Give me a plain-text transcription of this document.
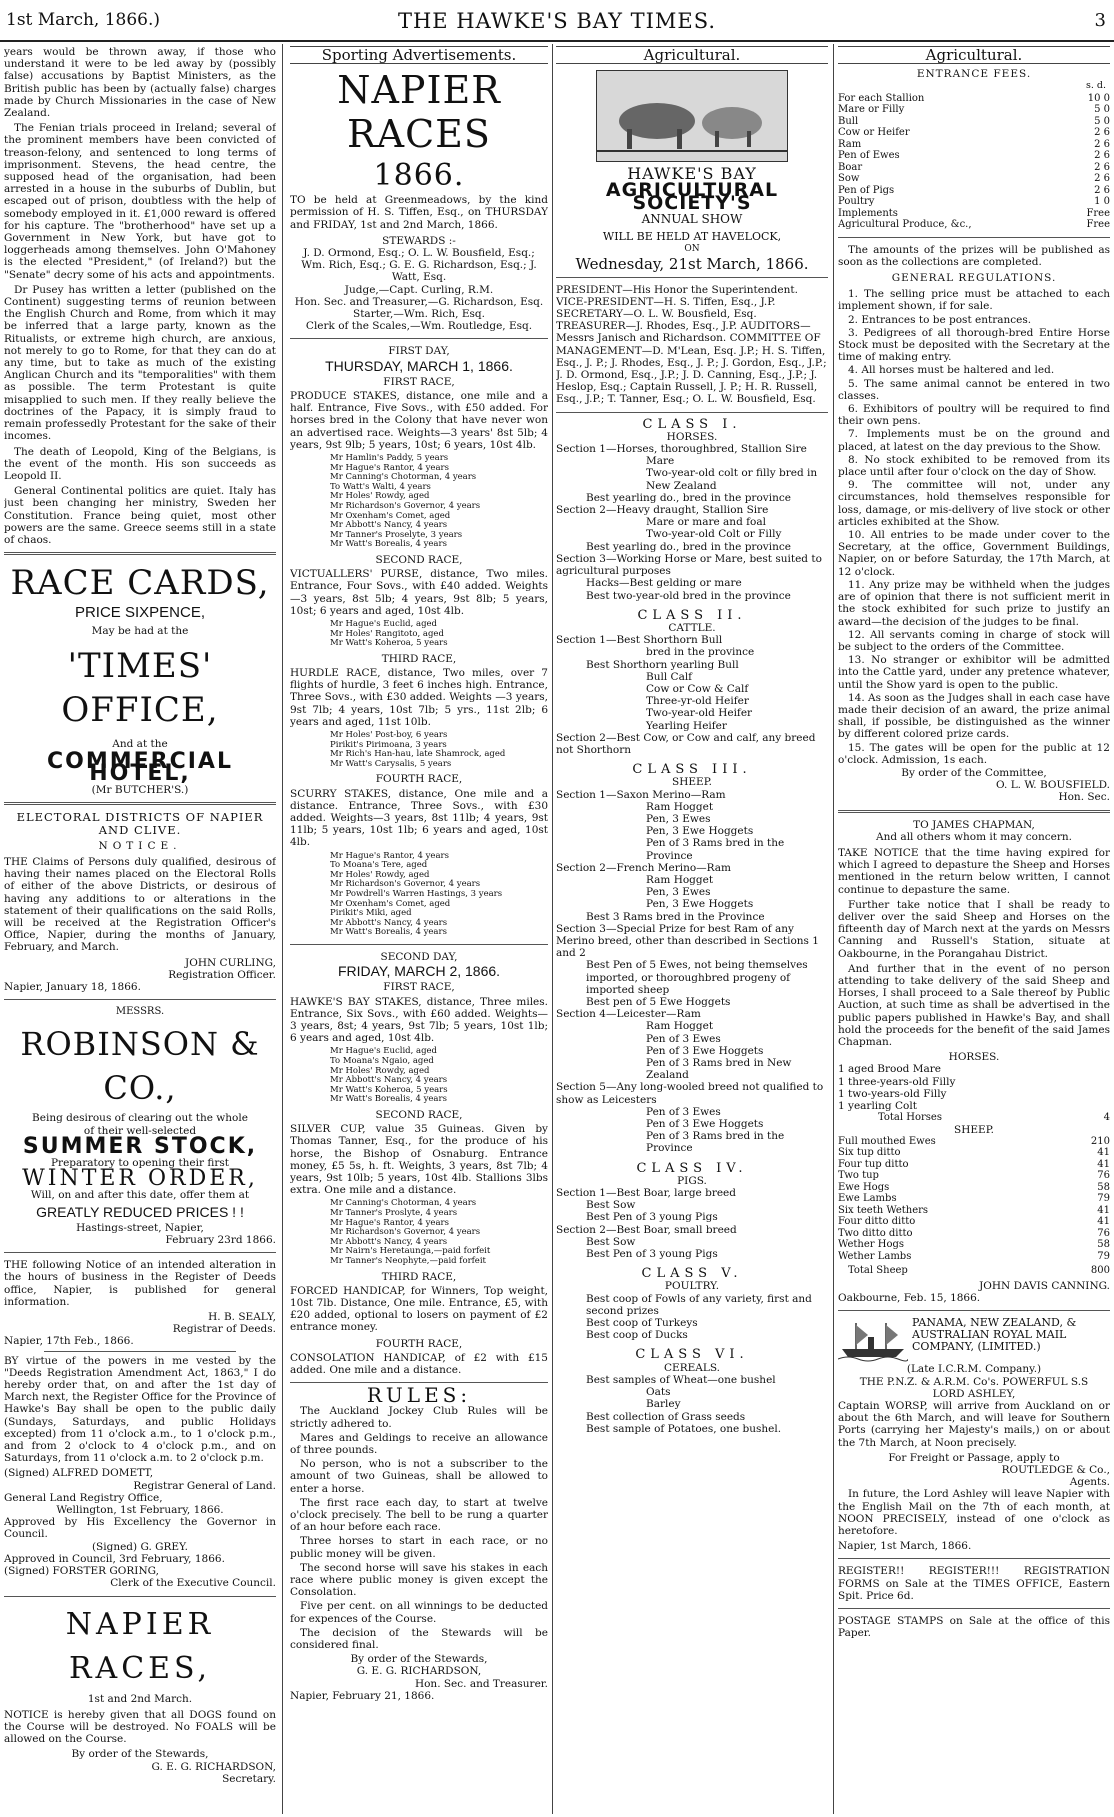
1st March, 1866.)	THE HAWKE'S BAY TIMES.	3

years would be thrown away, if those who understand it were to be led away by (possibly false) accusations by Baptist Ministers, as the British public has been by (actually false) charges made by Church Missionaries in the case of New Zealand.

The Fenian trials proceed in Ireland; several of the prominent members have been convicted of treason-felony, and sentenced to long terms of imprisonment. Stevens, the head centre, the supposed head of the organisation, had been arrested in a house in the suburbs of Dublin, but escaped out of prison, doubtless with the help of somebody employed in it. £1,000 reward is offered for his capture. The "brotherhood" have set up a Government in New York, but have got to loggerheads among themselves. John O'Mahoney is the elected "President," (of Ireland?) but the "Senate" decry some of his acts and appointments.

Dr Pusey has written a letter (published on the Continent) suggesting terms of reunion between the English Church and Rome, from which it may be inferred that a large party, known as the Ritualists, or extreme high church, are anxious, not merely to go to Rome, for that they can do at any time, but to take as much of the existing Anglican Church and its "temporalities" with them as possible. The term Protestant is quite misapplied to such men. If they really believe the doctrines of the Papacy, it is simply fraud to remain professedly Protestant for the sake of their incomes.

The death of Leopold, King of the Belgians, is the event of the month. His son succeeds as Leopold II.

General Continental politics are quiet. Italy has just been changing her ministry, Sweden her Constitution. France being quiet, most other powers are the same. Greece seems still in a state of chaos.

RACE CARDS,
PRICE SIXPENCE,
May be had at the
'TIMES' OFFICE,
And at the
COMMERCIAL HOTEL,
(Mr BUTCHER'S.)
ELECTORAL DISTRICTS OF NAPIER AND CLIVE.
NOTICE.

THE Claims of Persons duly qualified, desirous of having their names placed on the Electoral Rolls of either of the above Districts, or desirous of having any additions to or alterations in the statement of their qualifications on the said Rolls, will be received at the Registration Officer's Office, Napier, during the months of January, February, and March.

JOHN CURLING,
Registration Officer.
Napier, January 18, 1866.
MESSRS.
ROBINSON & CO.,
Being desirous of clearing out the whole
of their well-selected
SUMMER STOCK,
Preparatory to opening their first
WINTER ORDER,
Will, on and after this date, offer them at
GREATLY REDUCED PRICES ! !
Hastings-street, Napier,
February 23rd 1866.

THE following Notice of an intended alteration in the hours of business in the Register of Deeds office, Napier, is published for general information.

H. B. SEALY,
Registrar of Deeds.
Napier, 17th Feb., 1866.

BY virtue of the powers in me vested by the "Deeds Registration Amendment Act, 1863," I do hereby order that, on and after the 1st day of March next, the Register Office for the Province of Hawke's Bay shall be open to the public daily (Sundays, Saturdays, and public Holidays excepted) from 11 o'clock a.m., to 1 o'clock p.m., and from 2 o'clock to 4 o'clock p.m., and on Saturdays, from 11 o'clock a.m. to 2 o'clock p.m.

(Signed) ALFRED DOMETT,
Registrar General of Land.
General Land Registry Office,
Wellington, 1st February, 1866.
Approved by His Excellency the Governor in Council.
(Signed) G. GREY.
Approved in Council, 3rd February, 1866.
(Signed) FORSTER GORING,
Clerk of the Executive Council.
NAPIER RACES,
1st and 2nd March.

NOTICE is hereby given that all DOGS found on the Course will be destroyed. No FOALS will be allowed on the Course.

By order of the Stewards,
G. E. G. RICHARDSON,
Secretary.
Sporting Advertisements.
NAPIER RACES
1866.

TO be held at Greenmeadows, by the kind permission of H. S. Tiffen, Esq., on THURSDAY and FRIDAY, 1st and 2nd March, 1866.

STEWARDS :-
J. D. Ormond, Esq.; O. L. W. Bousfield, Esq.; Wm. Rich, Esq.; G. E. G. Richardson, Esq.; J. Watt, Esq.
Judge,—Capt. Curling, R.M.
Hon. Sec. and Treasurer,—G. Richardson, Esq.
Starter,—Wm. Rich, Esq.
Clerk of the Scales,—Wm. Routledge, Esq.
FIRST DAY,
THURSDAY, MARCH 1, 1866.
FIRST RACE,

PRODUCE STAKES, distance, one mile and a half. Entrance, Five Sovs., with £50 added. For horses bred in the Colony that have never won an advertised race. Weights—3 years' 8st 5lb; 4 years, 9st 9lb; 5 years, 10st; 6 years, 10st 4lb.

Mr Hamlin's Paddy, 5 years
Mr Hague's Rantor, 4 years
Mr Canning's Chotorman, 4 years
To Watt's Walti, 4 years
Mr Holes' Rowdy, aged
Mr Richardson's Governor, 4 years
Mr Oxenham's Comet, aged
Mr Abbott's Nancy, 4 years
Mr Tanner's Proselyte, 3 years
Mr Watt's Borealis, 4 years
SECOND RACE,

VICTUALLERS' PURSE, distance, Two miles. Entrance, Four Sovs., with £40 added. Weights—3 years, 8st 5lb; 4 years, 9st 8lb; 5 years, 10st; 6 years and aged, 10st 4lb.

Mr Hague's Euclid, aged
Mr Holes' Rangitoto, aged
Mr Watt's Koheroa, 5 years
THIRD RACE,

HURDLE RACE, distance, Two miles, over 7 flights of hurdle, 3 feet 6 inches high. Entrance, Three Sovs., with £30 added. Weights —3 years, 9st 7lb; 4 years, 10st 7lb; 5 yrs., 11st 2lb; 6 years and aged, 11st 10lb.

Mr Holes' Post-boy, 6 years
Pirikit's Pirimoana, 3 years
Mr Rich's Han-hau, late Shamrock, aged
Mr Watt's Carysalis, 5 years
FOURTH RACE,

SCURRY STAKES, distance, One mile and a distance. Entrance, Three Sovs., with £30 added. Weights—3 years, 8st 11lb; 4 years, 9st 11lb; 5 years, 10st 1lb; 6 years and aged, 10st 4lb.

Mr Hague's Rantor, 4 years
To Moana's Tere, aged
Mr Holes' Rowdy, aged
Mr Richardson's Governor, 4 years
Mr Powdrell's Warren Hastings, 3 years
Mr Oxenham's Comet, aged
Pirikit's Miki, aged
Mr Abbott's Nancy, 4 years
Mr Watt's Borealis, 4 years
SECOND DAY,
FRIDAY, MARCH 2, 1866.
FIRST RACE,

HAWKE'S BAY STAKES, distance, Three miles. Entrance, Six Sovs., with £60 added. Weights—3 years, 8st; 4 years, 9st 7lb; 5 years, 10st 1lb; 6 years and aged, 10st 4lb.

Mr Hague's Euclid, aged
To Moana's Ngaio, aged
Mr Holes' Rowdy, aged
Mr Abbott's Nancy, 4 years
Mr Watt's Koheroa, 5 years
Mr Watt's Borealis, 4 years
SECOND RACE,

SILVER CUP, value 35 Guineas. Given by Thomas Tanner, Esq., for the produce of his horse, the Bishop of Osnaburg. Entrance money, £5 5s, h. ft. Weights, 3 years, 8st 7lb; 4 years, 9st 10lb; 5 years, 10st 4lb. Stallions 3lbs extra. One mile and a distance.

Mr Canning's Chotorman, 4 years
Mr Tanner's Proslyte, 4 years
Mr Hague's Rantor, 4 years
Mr Richardson's Governor, 4 years
Mr Abbott's Nancy, 4 years
Mr Nairn's Heretaunga,—paid forfeit
Mr Tanner's Neophyte,—paid forfeit
THIRD RACE,

FORCED HANDICAP, for Winners, Top weight, 10st 7lb. Distance, One mile. Entrance, £5, with £20 added, optional to losers on payment of £2 entrance money.

FOURTH RACE,

CONSOLATION HANDICAP, of £2 with £15 added. One mile and a distance.

RULES:
The Auckland Jockey Club Rules will be strictly adhered to.
Mares and Geldings to receive an allowance of three pounds.
No person, who is not a subscriber to the amount of two Guineas, shall be allowed to enter a horse.
The first race each day, to start at twelve o'clock precisely. The bell to be rung a quarter of an hour before each race.
Three horses to start in each race, or no public money will be given.
The second horse will save his stakes in each race where public money is given except the Consolation.
Five per cent. on all winnings to be deducted for expences of the Course.
The decision of the Stewards will be considered final.
By order of the Stewards,
G. E. G. RICHARDSON,
Hon. Sec. and Treasurer.
Napier, February 21, 1866.
Agricultural.
HAWKE'S BAY
AGRICULTURAL SOCIETY'S
ANNUAL SHOW
WILL BE HELD AT HAVELOCK,
ON
Wednesday, 21st March, 1866.

PRESIDENT—His Honor the Superintendent. VICE-PRESIDENT—H. S. Tiffen, Esq., J.P. SECRETARY—O. L. W. Bousfield, Esq. TREASURER—J. Rhodes, Esq., J.P. AUDITORS—Messrs Janisch and Richardson. COMMITTEE OF MANAGEMENT—D. M'Lean, Esq. J.P.; H. S. Tiffen, Esq., J. P.; J. Rhodes, Esq., J. P.; J. Gordon, Esq., J.P.; J. D. Ormond, Esq., J.P.; J. D. Canning, Esq., J.P.; J. Heslop, Esq.; Captain Russell, J. P.; H. R. Russell, Esq., J.P.; T. Tanner, Esq.; O. L. W. Bousfield, Esq.

CLASS I.
HORSES.
Section 1—Horses, thoroughbred, Stallion Sire
Mare
Two-year-old colt or filly bred in New Zealand
Best yearling do., bred in the province
Section 2—Heavy draught, Stallion Sire
Mare or mare and foal
Two-year-old Colt or Filly
Best yearling do., bred in the province
Section 3—Working Horse or Mare, best suited to agricultural purposes
Hacks—Best gelding or mare
Best two-year-old bred in the province
CLASS II.
CATTLE.
Section 1—Best Shorthorn Bull
bred in the province
Best Shorthorn yearling Bull
Bull Calf
Cow or Cow & Calf
Three-yr-old Heifer
Two-year-old Heifer
Yearling Heifer
Section 2—Best Cow, or Cow and calf, any breed not Shorthorn
CLASS III.
SHEEP.
Section 1—Saxon Merino—Ram
Ram Hogget
Pen, 3 Ewes
Pen, 3 Ewe Hoggets
Pen of 3 Rams bred in the Province
Section 2—French Merino—Ram
Ram Hogget
Pen, 3 Ewes
Pen, 3 Ewe Hoggets
Best 3 Rams bred in the Province
Section 3—Special Prize for best Ram of any Merino breed, other than described in Sections 1 and 2
Best Pen of 5 Ewes, not being themselves imported, or thoroughbred progeny of imported sheep
Best pen of 5 Ewe Hoggets
Section 4—Leicester—Ram
Ram Hogget
Pen of 3 Ewes
Pen of 3 Ewe Hoggets
Pen of 3 Rams bred in New Zealand
Section 5—Any long-wooled breed not qualified to show as Leicesters
Pen of 3 Ewes
Pen of 3 Ewe Hoggets
Pen of 3 Rams bred in the Province
CLASS IV.
PIGS.
Section 1—Best Boar, large breed
Best Sow
Best Pen of 3 young Pigs
Section 2—Best Boar, small breed
Best Sow
Best Pen of 3 young Pigs
CLASS V.
POULTRY.
Best coop of Fowls of any variety, first and second prizes
Best coop of Turkeys
Best coop of Ducks
CLASS VI.
CEREALS.
Best samples of Wheat—one bushel
Oats
Barley
Best collection of Grass seeds
Best sample of Potatoes, one bushel.
Agricultural.
ENTRANCE FEES.
s. d.
For each Stallion	10 0
Mare or Filly	5 0
Bull	5 0
Cow or Heifer	2 6
Ram	2 6
Pen of Ewes	2 6
Boar	2 6
Sow	2 6
Pen of Pigs	2 6
Poultry	1 0
Implements	Free
Agricultural Produce, &c.,	Free

The amounts of the prizes will be published as soon as the collections are completed.

GENERAL REGULATIONS.
1. The selling price must be attached to each implement shown, if for sale.
2. Entrances to be post entrances.
3. Pedigrees of all thorough-bred Entire Horse Stock must be deposited with the Secretary at the time of making entry.
4. All horses must be haltered and led.
5. The same animal cannot be entered in two classes.
6. Exhibitors of poultry will be required to find their own pens.
7. Implements must be on the ground and placed, at latest on the day previous to the Show.
8. No stock exhibited to be removed from its place until after four o'clock on the day of Show.
9. The committee will not, under any circumstances, hold themselves responsible for loss, damage, or mis-delivery of live stock or other articles exhibited at the Show.
10. All entries to be made under cover to the Secretary, at the office, Government Buildings, Napier, on or before Saturday, the 17th March, at 12 o'clock.
11. Any prize may be withheld when the judges are of opinion that there is not sufficient merit in the stock exhibited for such prize to justify an award—the decision of the judges to be final.
12. All servants coming in charge of stock will be subject to the orders of the Committee.
13. No stranger or exhibitor will be admitted into the Cattle yard, under any pretence whatever, until the Show yard is open to the public.
14. As soon as the Judges shall in each case have made their decision of an award, the prize animal shall, if possible, be distinguished as the winner by different colored prize cards.
15. The gates will be open for the public at 12 o'clock. Admission, 1s each.
By order of the Committee,
O. L. W. BOUSFIELD.
Hon. Sec.
TO JAMES CHAPMAN,
And all others whom it may concern.

TAKE NOTICE that the time having expired for which I agreed to depasture the Sheep and Horses mentioned in the return below written, I cannot continue to depasture the same.

Further take notice that I shall be ready to deliver over the said Sheep and Horses on the fifteenth day of March next at the yards on Messrs Canning and Russell's Station, situate at Oakbourne, in the Porangahau District.

And further that in the event of no person attending to take delivery of the said Sheep and Horses, I shall proceed to a Sale thereof by Public Auction, at such time as shall be advertised in the public papers published in Hawke's Bay, and shall hold the proceeds for the benefit of the said James Chapman.

HORSES.
1 aged Brood Mare
1 three-years-old Filly
1 two-years-old Filly
1 yearling Colt
Total Horses	4
SHEEP.
Full mouthed Ewes	210
Six tup ditto	41
Four tup ditto	41
Two tup	76
Ewe Hogs	58
Ewe Lambs	79
Six teeth Wethers	41
Four ditto ditto	41
Two ditto ditto	76
Wether Hogs	58
Wether Lambs	79
Total Sheep	800
JOHN DAVIS CANNING.
Oakbourne, Feb. 15, 1866.
PANAMA, NEW ZEALAND, & AUSTRALIAN ROYAL MAIL COMPANY, (LIMITED.)
(Late I.C.R.M. Company.)
THE P.N.Z. & A.R.M. Co's. POWERFUL S.S
LORD ASHLEY,

Captain WORSP, will arrive from Auckland on or about the 6th March, and will leave for Southern Ports (carrying her Majesty's mails,) on or about the 7th March, at Noon precisely.

For Freight or Passage, apply to
ROUTLEDGE & Co.,
Agents.

In future, the Lord Ashley will leave Napier with the English Mail on the 7th of each month, at NOON PRECISELY, instead of one o'clock as heretofore.

Napier, 1st March, 1866.

REGISTER!! REGISTER!!! REGISTRATION FORMS on Sale at the TIMES OFFICE, Eastern Spit. Price 6d.

POSTAGE STAMPS on Sale at the office of this Paper.
